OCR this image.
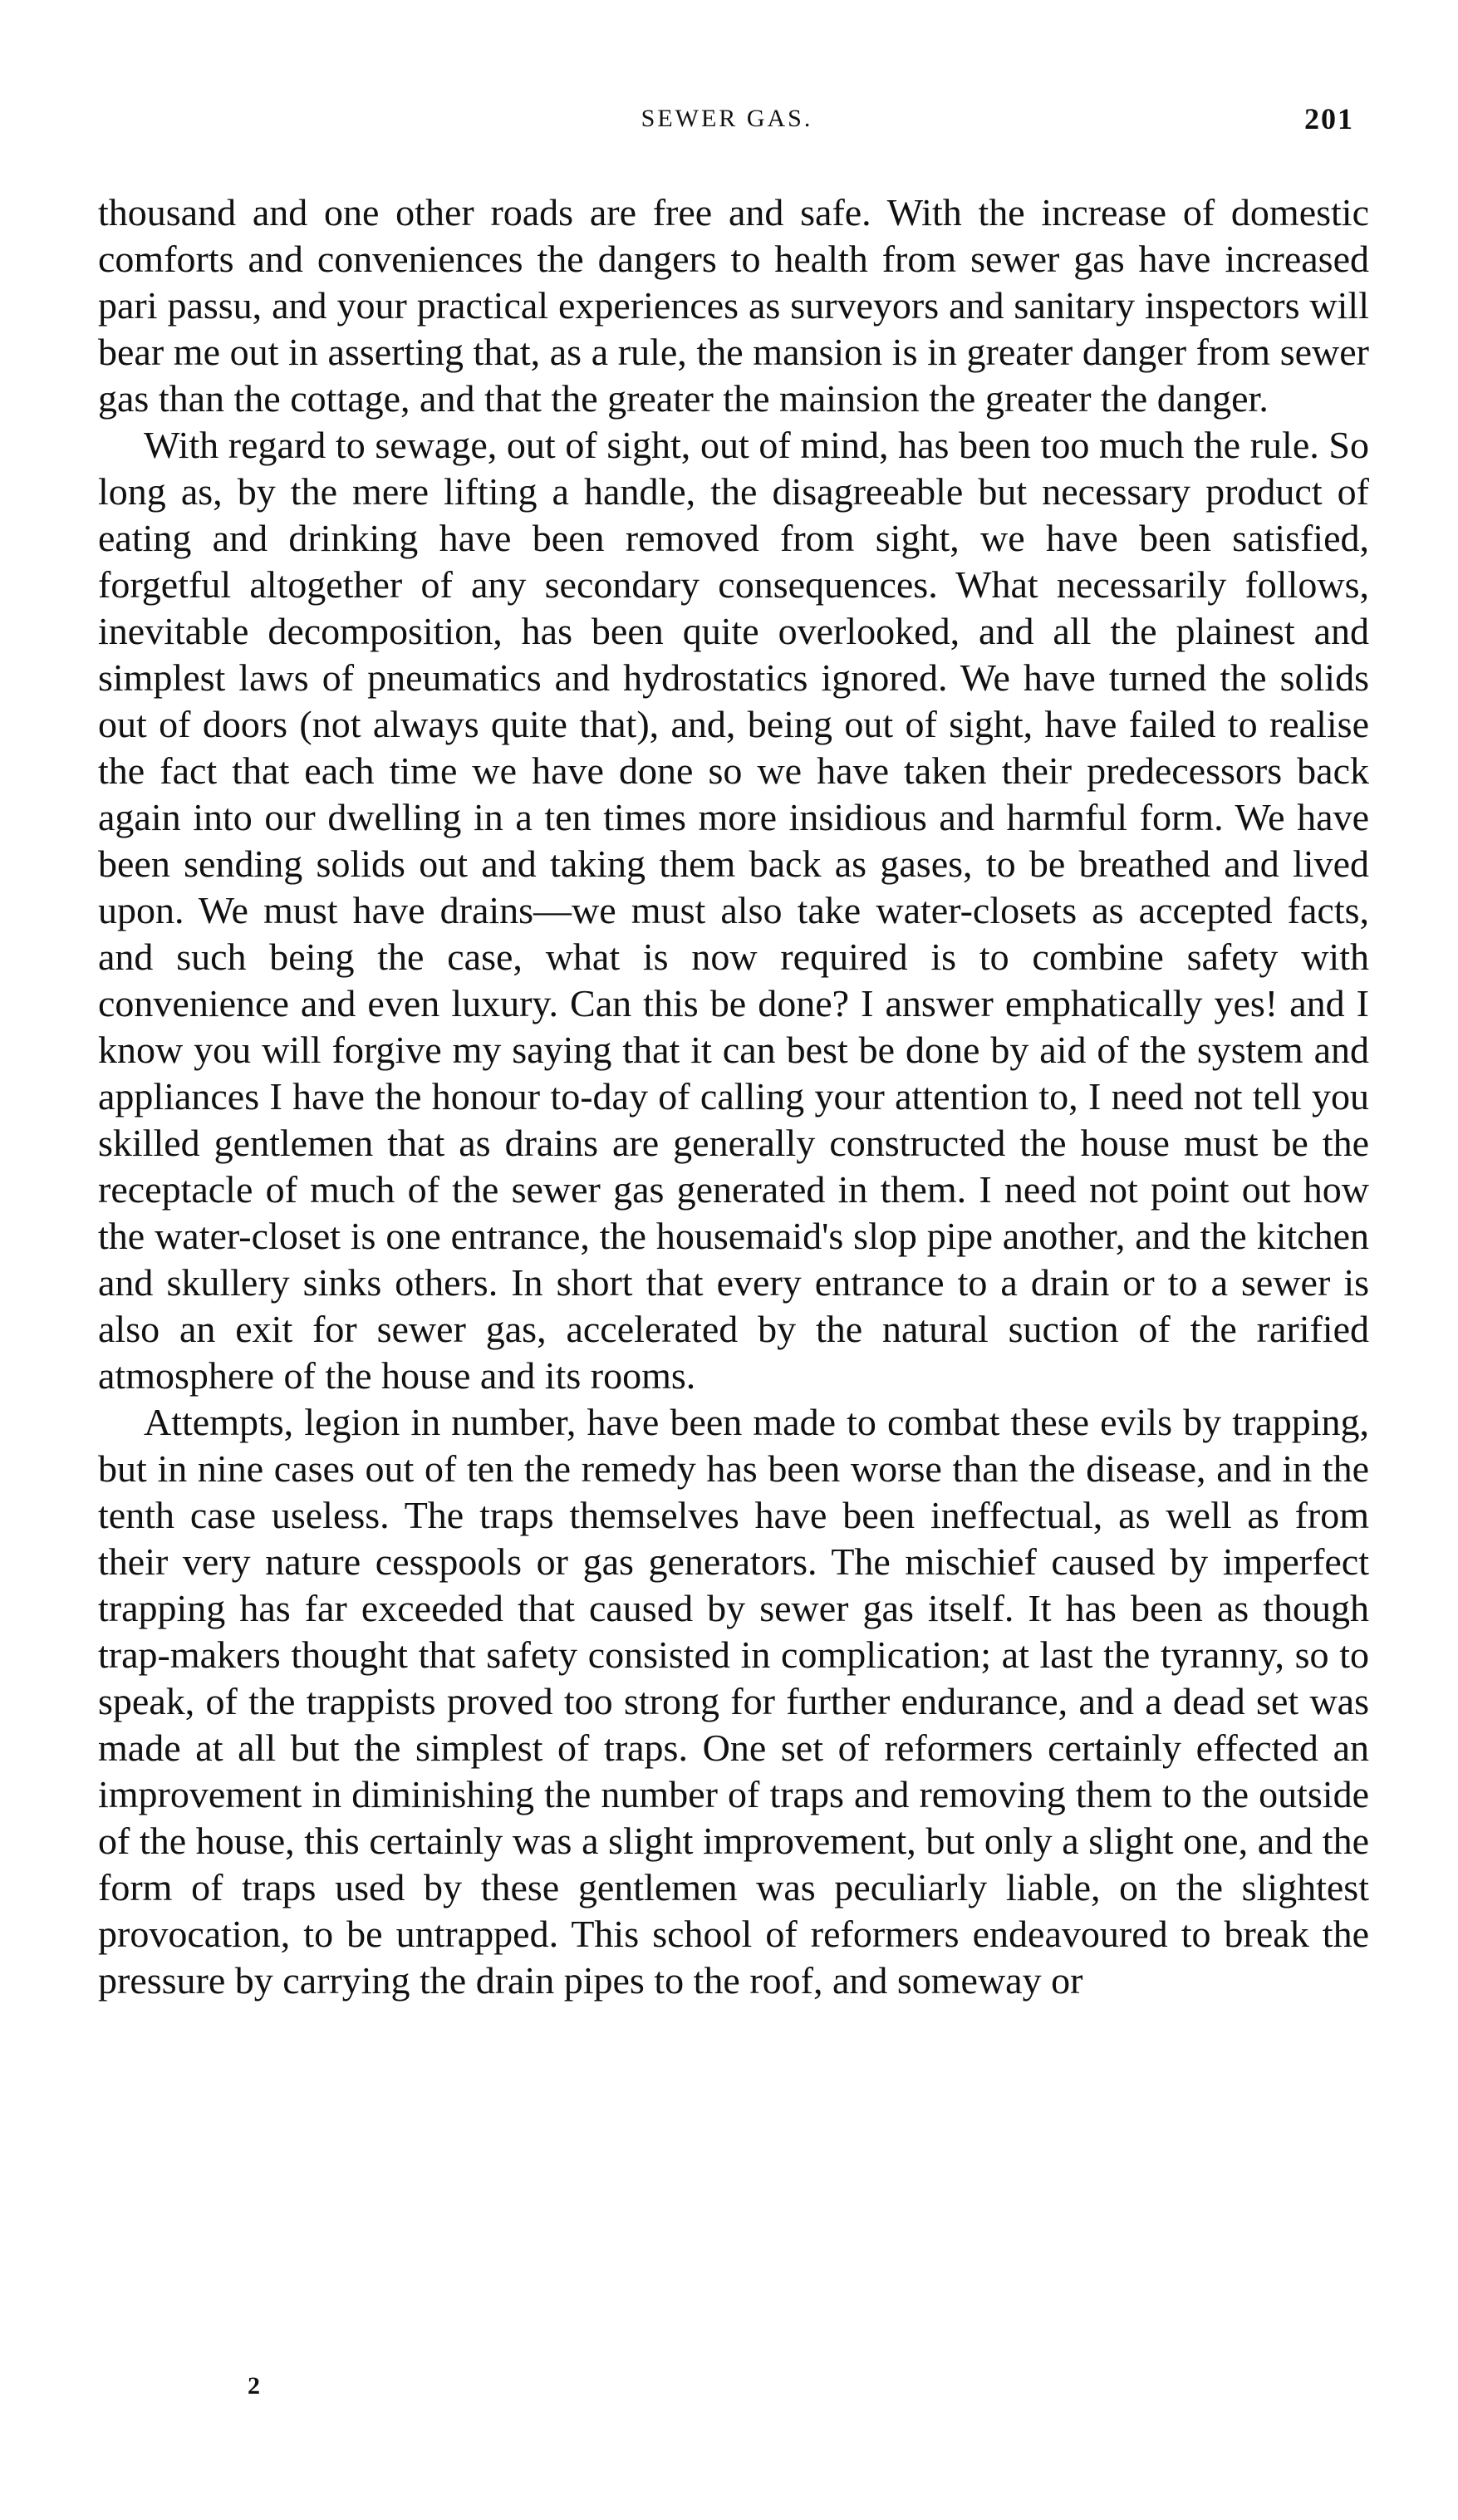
SEWER GAS.	201

thousand and one other roads are free and safe. With the increase of domestic comforts and conveniences the dangers to health from sewer gas have increased pari passu, and your practical experiences as surveyors and sanitary inspectors will bear me out in asserting that, as a rule, the mansion is in greater danger from sewer gas than the cottage, and that the greater the mainsion the greater the danger.

With regard to sewage, out of sight, out of mind, has been too much the rule. So long as, by the mere lifting a handle, the disagreeable but necessary product of eating and drinking have been removed from sight, we have been satisfied, forgetful altogether of any secondary consequences. What necessarily follows, inevitable decomposition, has been quite overlooked, and all the plainest and simplest laws of pneumatics and hydrostatics ignored. We have turned the solids out of doors (not always quite that), and, being out of sight, have failed to realise the fact that each time we have done so we have taken their predecessors back again into our dwelling in a ten times more insidious and harmful form. We have been sending solids out and taking them back as gases, to be breathed and lived upon. We must have drains—we must also take water-closets as accepted facts, and such being the case, what is now required is to combine safety with convenience and even luxury. Can this be done? I answer emphatically yes! and I know you will forgive my saying that it can best be done by aid of the system and appliances I have the honour to-day of calling your attention to, I need not tell you skilled gentlemen that as drains are generally constructed the house must be the receptacle of much of the sewer gas generated in them. I need not point out how the water-closet is one entrance, the housemaid's slop pipe another, and the kitchen and skullery sinks others. In short that every entrance to a drain or to a sewer is also an exit for sewer gas, accelerated by the natural suction of the rarified atmosphere of the house and its rooms.

Attempts, legion in number, have been made to combat these evils by trapping, but in nine cases out of ten the remedy has been worse than the disease, and in the tenth case useless. The traps themselves have been ineffectual, as well as from their very nature cesspools or gas generators. The mischief caused by imperfect trapping has far exceeded that caused by sewer gas itself. It has been as though trap-makers thought that safety consisted in complication; at last the tyranny, so to speak, of the trappists proved too strong for further endurance, and a dead set was made at all but the simplest of traps. One set of reformers certainly effected an improvement in diminishing the number of traps and removing them to the outside of the house, this certainly was a slight improvement, but only a slight one, and the form of traps used by these gentlemen was peculiarly liable, on the slightest provocation, to be untrapped. This school of reformers endeavoured to break the pressure by carrying the drain pipes to the roof, and someway or

2
